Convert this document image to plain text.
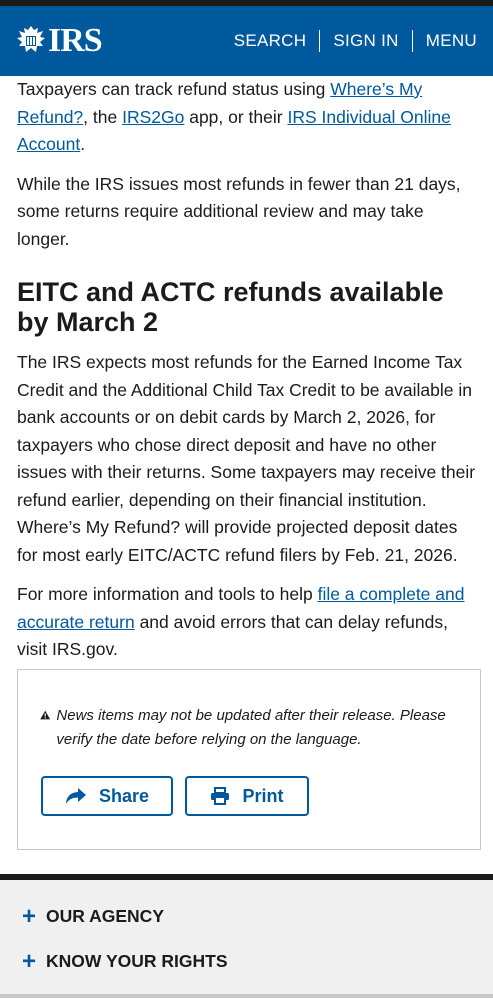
IRS	SEARCH SIGN IN MENU

Taxpayers can track refund status using Where’s My Refund?, the IRS2Go app, or their IRS Individual Online Account.

While the IRS issues most refunds in fewer than 21 days, some returns require additional review and may take longer.

EITC and ACTC refunds available by March 2

The IRS expects most refunds for the Earned Income Tax Credit and the Additional Child Tax Credit to be available in bank accounts or on debit cards by March 2, 2026, for taxpayers who chose direct deposit and have no other issues with their returns. Some taxpayers may receive their refund earlier, depending on their financial institution. Where’s My Refund? will provide projected deposit dates for most early EITC/ACTC refund filers by Feb. 21, 2026.

For more information and tools to help file a complete and accurate return and avoid errors that can delay refunds, visit IRS.gov.

News items may not be updated after their release. Please verify the date before relying on the language.
Share	Print
+ OUR AGENCY
+ KNOW YOUR RIGHTS
